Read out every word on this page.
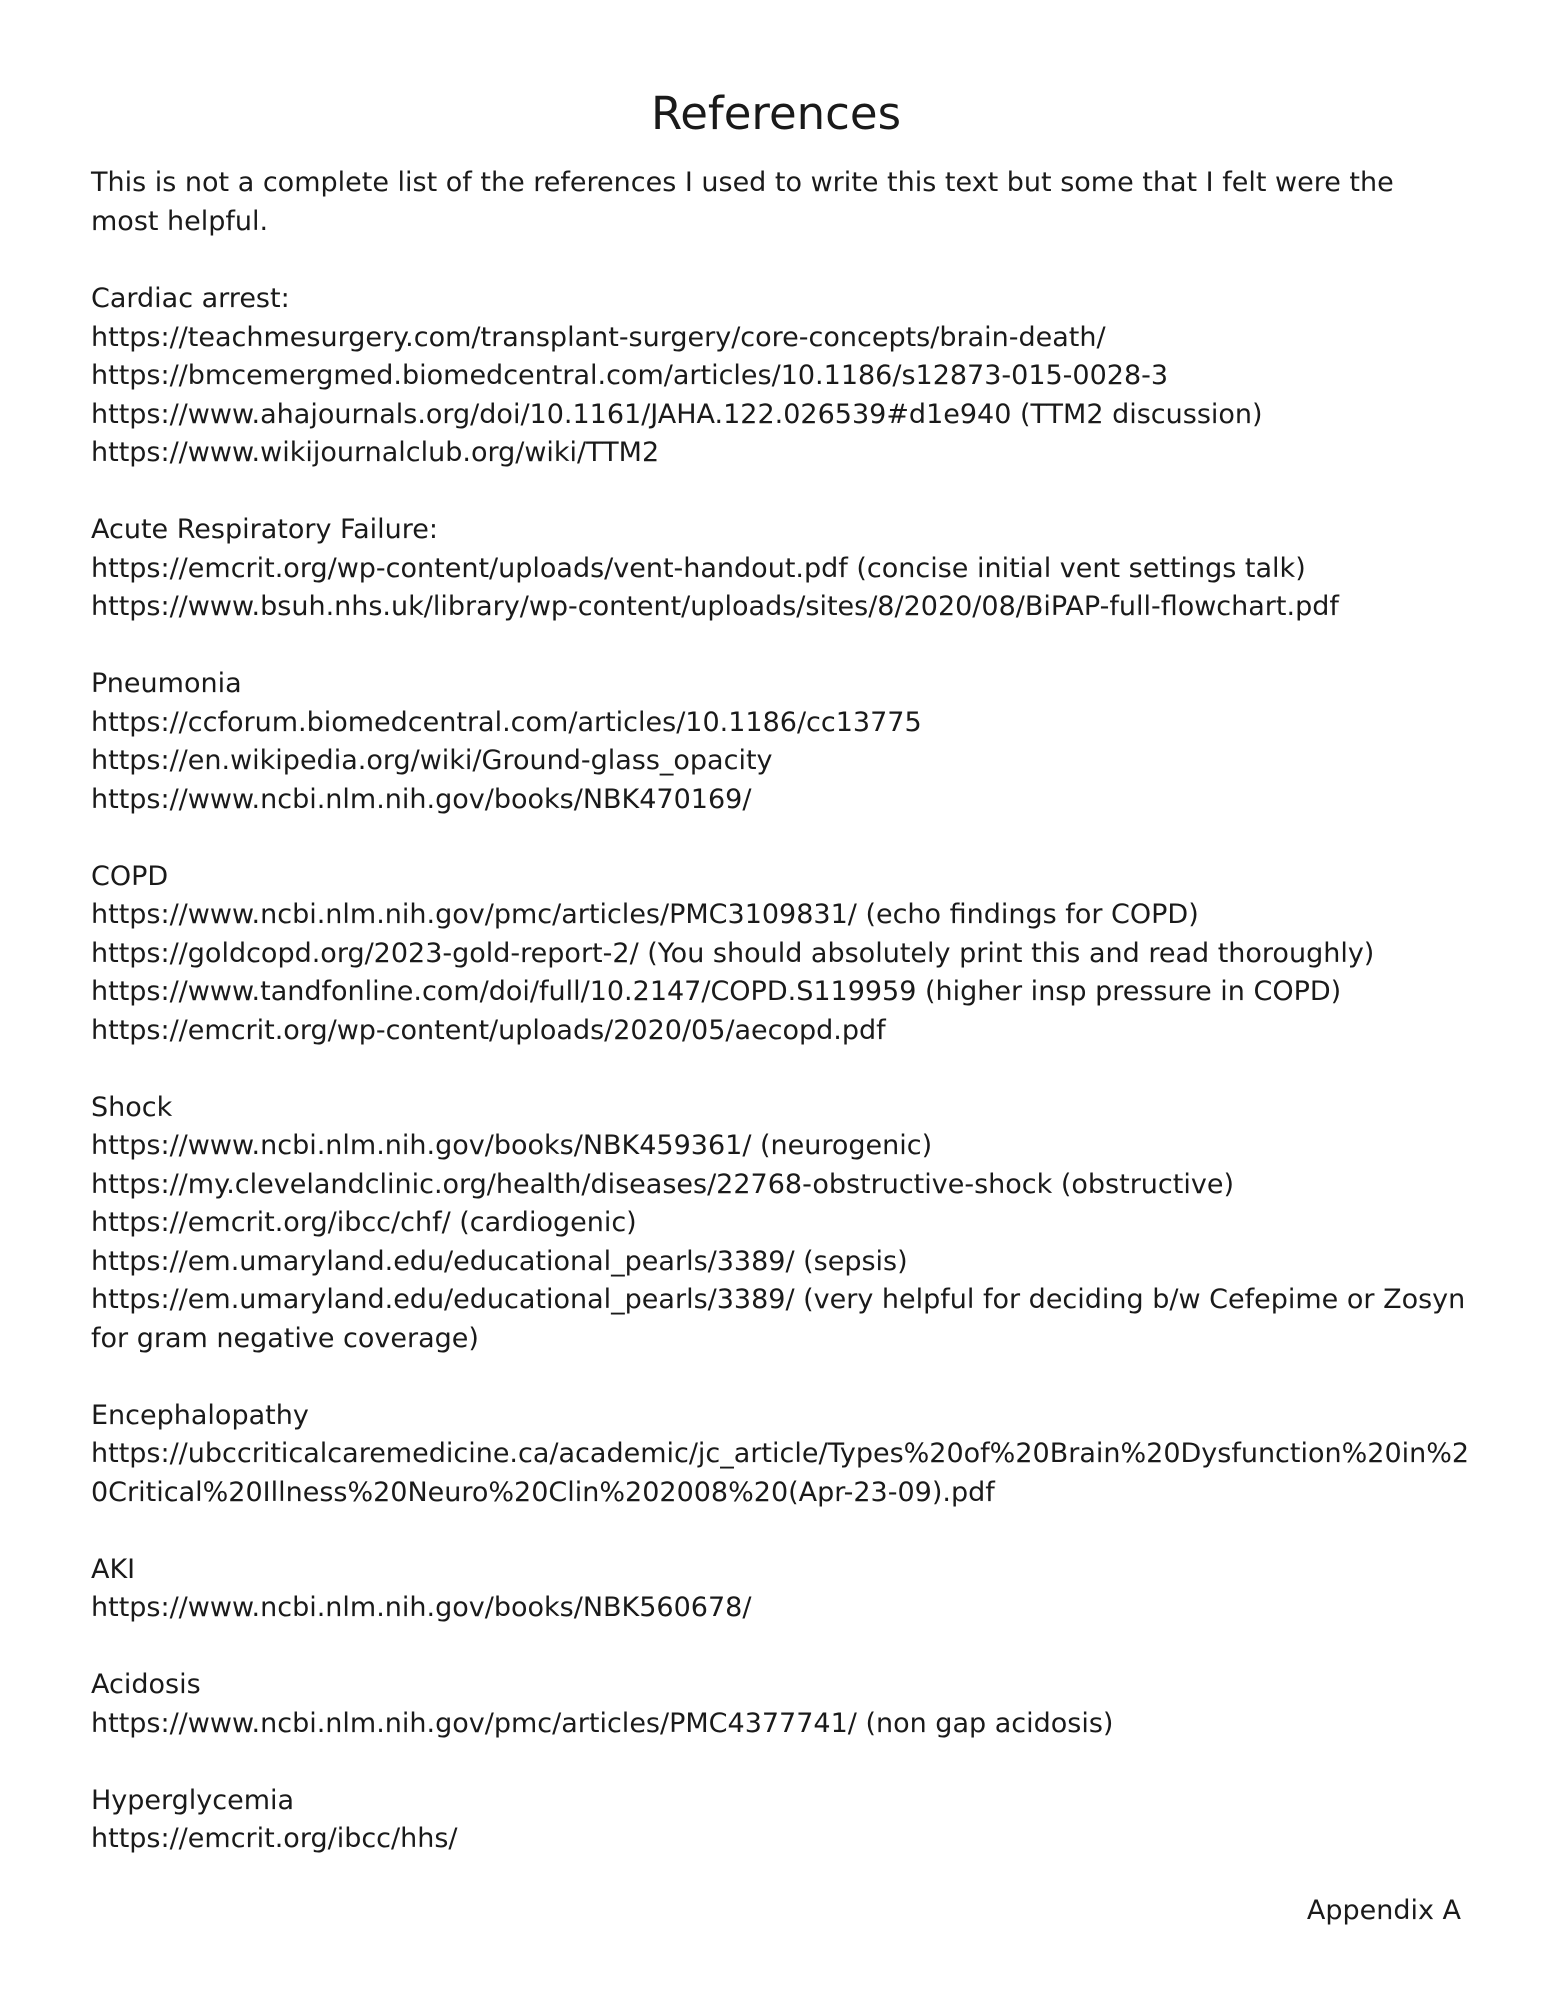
References

This is not a complete list of the references I used to write this text but some that I felt were the most helpful.

Cardiac arrest:
https://teachmesurgery.com/transplant-surgery/core-concepts/brain-death/
https://bmcemergmed.biomedcentral.com/articles/10.1186/s12873-015-0028-3
https://www.ahajournals.org/doi/10.1161/JAHA.122.026539#d1e940 (TTM2 discussion)
https://www.wikijournalclub.org/wiki/TTM2
Acute Respiratory Failure:
https://emcrit.org/wp-content/uploads/vent-handout.pdf (concise initial vent settings talk)
https://www.bsuh.nhs.uk/library/wp-content/uploads/sites/8/2020/08/BiPAP-full-flowchart.pdf
Pneumonia
https://ccforum.biomedcentral.com/articles/10.1186/cc13775
https://en.wikipedia.org/wiki/Ground-glass_opacity
https://www.ncbi.nlm.nih.gov/books/NBK470169/
COPD
https://www.ncbi.nlm.nih.gov/pmc/articles/PMC3109831/ (echo findings for COPD)
https://goldcopd.org/2023-gold-report-2/ (You should absolutely print this and read thoroughly)
https://www.tandfonline.com/doi/full/10.2147/COPD.S119959 (higher insp pressure in COPD)
https://emcrit.org/wp-content/uploads/2020/05/aecopd.pdf
Shock
https://www.ncbi.nlm.nih.gov/books/NBK459361/ (neurogenic)
https://my.clevelandclinic.org/health/diseases/22768-obstructive-shock (obstructive)
https://emcrit.org/ibcc/chf/ (cardiogenic)
https://em.umaryland.edu/educational_pearls/3389/ (sepsis)
https://em.umaryland.edu/educational_pearls/3389/ (very helpful for deciding b/w Cefepime or Zosyn for gram negative coverage)
Encephalopathy
https://ubccriticalcaremedicine.ca/academic/jc_article/Types%20of%20Brain%20Dysfunction%20in%20Critical%20Illness%20Neuro%20Clin%202008%20(Apr-23-09).pdf
AKI
https://www.ncbi.nlm.nih.gov/books/NBK560678/
Acidosis
https://www.ncbi.nlm.nih.gov/pmc/articles/PMC4377741/ (non gap acidosis)
Hyperglycemia
https://emcrit.org/ibcc/hhs/
Appendix A
